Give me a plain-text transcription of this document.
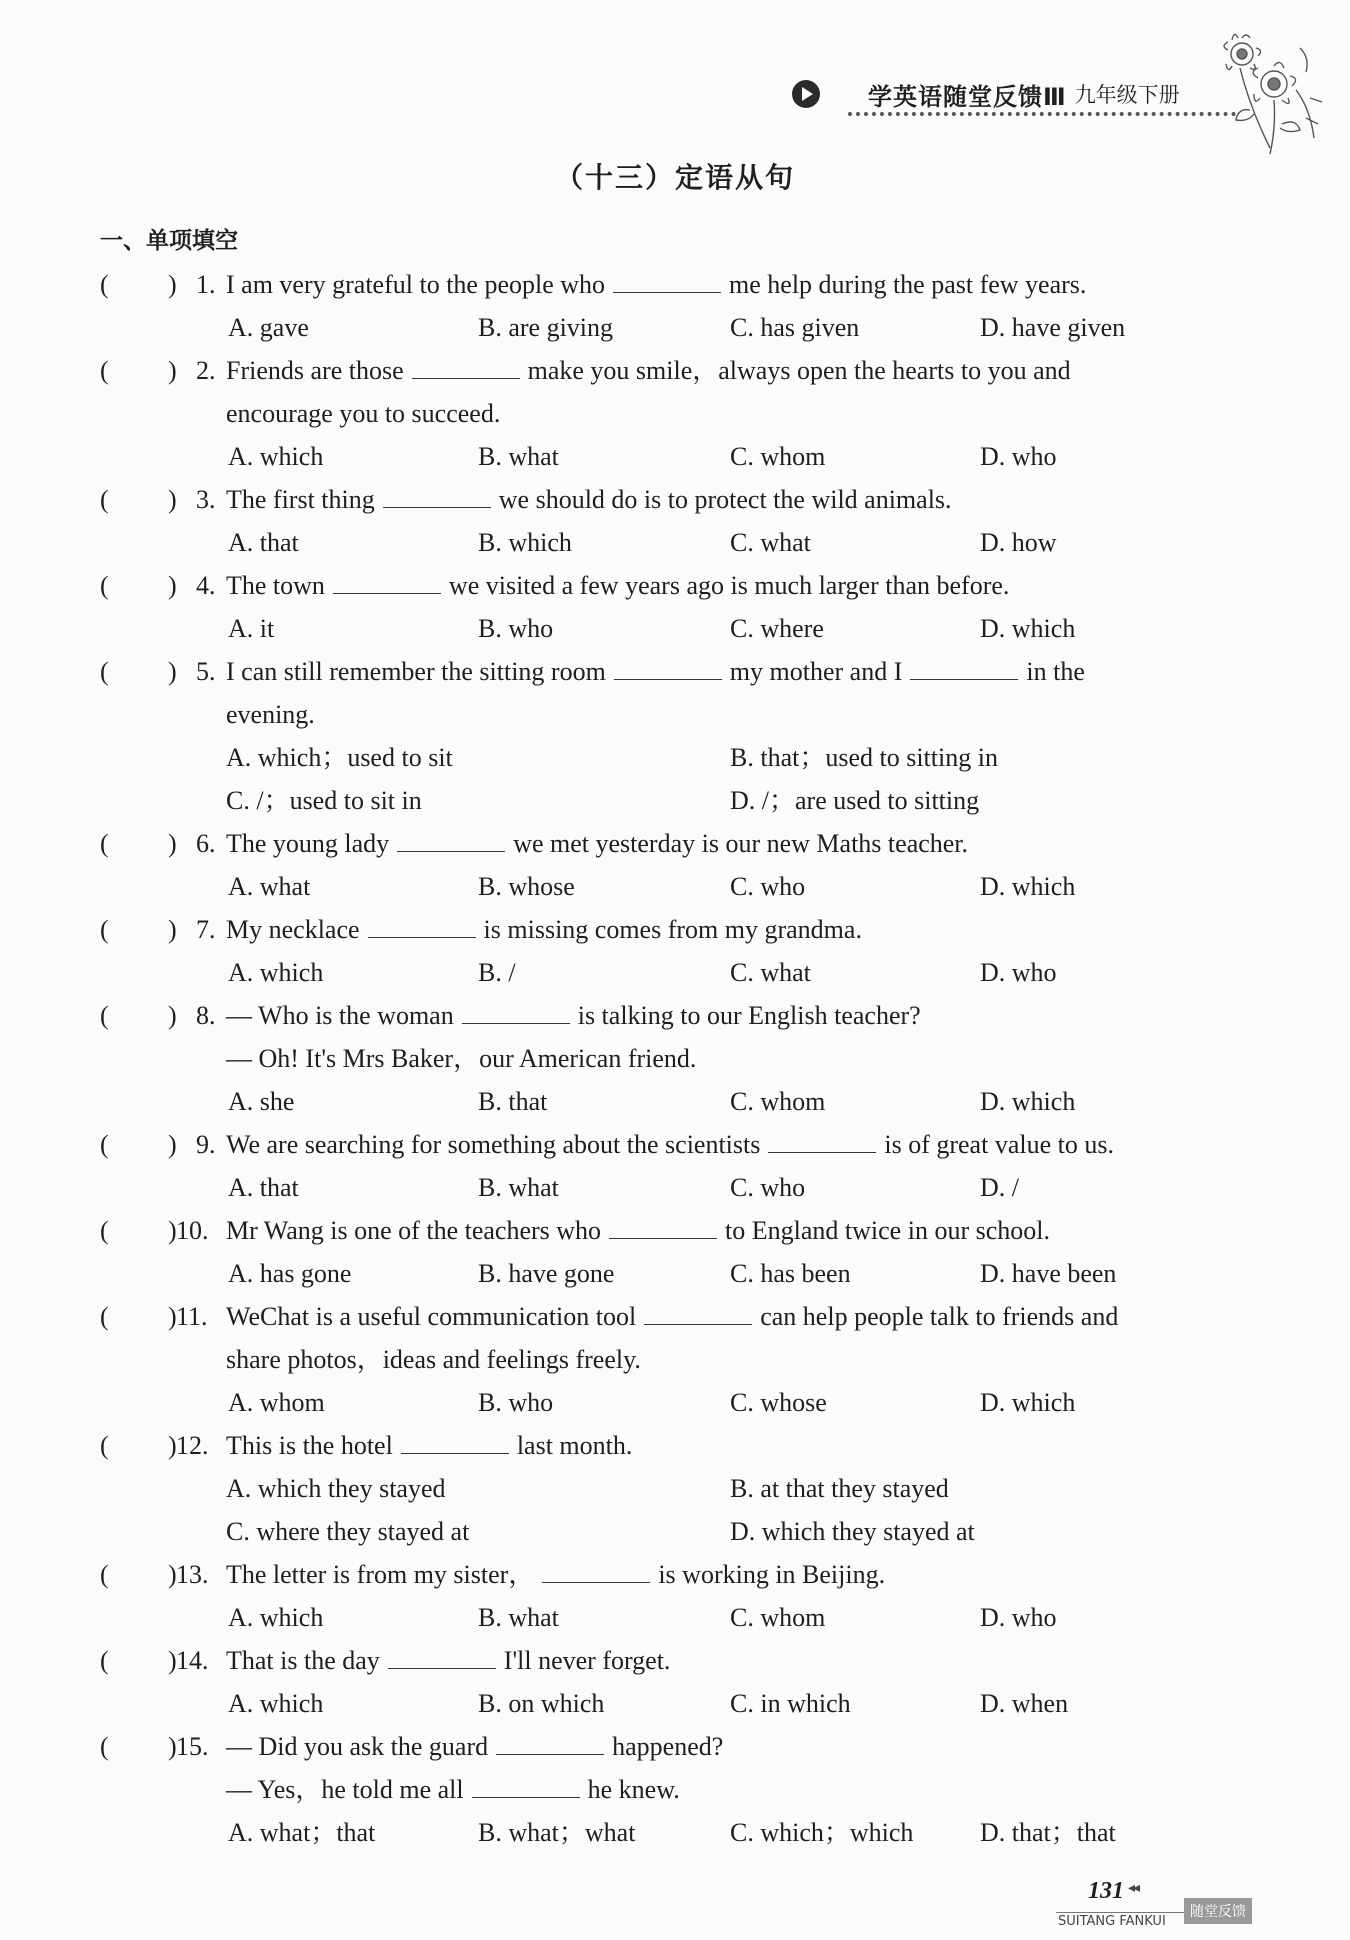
学英语随堂反馈Ⅲ 九年级下册
（十三）定语从句
一、单项填空
( ) 1. I am very grateful to the people who	me help during the past few years.
A. gave	B. are giving	C. has given	D. have given
( ) 2. Friends are those	make you smile，always open the hearts to you and
encourage you to succeed.
A. which	B. what	C. whom	D. who
( ) 3. The first thing	we should do is to protect the wild animals.
A. that	B. which	C. what	D. how
( ) 4. The town	we visited a few years ago is much larger than before.
A. it	B. who	C. where	D. which
( ) 5. I can still remember the sitting room	my mother and I	in the
evening.
A. which；used to sit	B. that；used to sitting in
C. /；used to sit in	D. /；are used to sitting
( ) 6. The young lady	we met yesterday is our new Maths teacher.
A. what	B. whose	C. who	D. which
( ) 7. My necklace	is missing comes from my grandma.
A. which	B. /	C. what	D. who
( ) 8. — Who is the woman	is talking to our English teacher?
— Oh! It's Mrs Baker，our American friend.
A. she	B. that	C. whom	D. which
( ) 9. We are searching for something about the scientists	is of great value to us.
A. that	B. what	C. who	D. /
( ) 10. Mr Wang is one of the teachers who	to England twice in our school.
A. has gone	B. have gone	C. has been	D. have been
( ) 11. WeChat is a useful communication tool	can help people talk to friends and
share photos，ideas and feelings freely.
A. whom	B. who	C. whose	D. which
( ) 12. This is the hotel	last month.
A. which they stayed	B. at that they stayed
C. where they stayed at	D. which they stayed at
( ) 13. The letter is from my sister，	is working in Beijing.
A. which	B. what	C. whom	D. who
( ) 14. That is the day	I'll never forget.
A. which	B. on which	C. in which	D. when
( ) 15. — Did you ask the guard	happened?
— Yes，he told me all	he knew.
A. what；that	B. what；what	C. which；which	D. that；that
131 ◂◂
SUITANG FANKUI
随堂反馈
